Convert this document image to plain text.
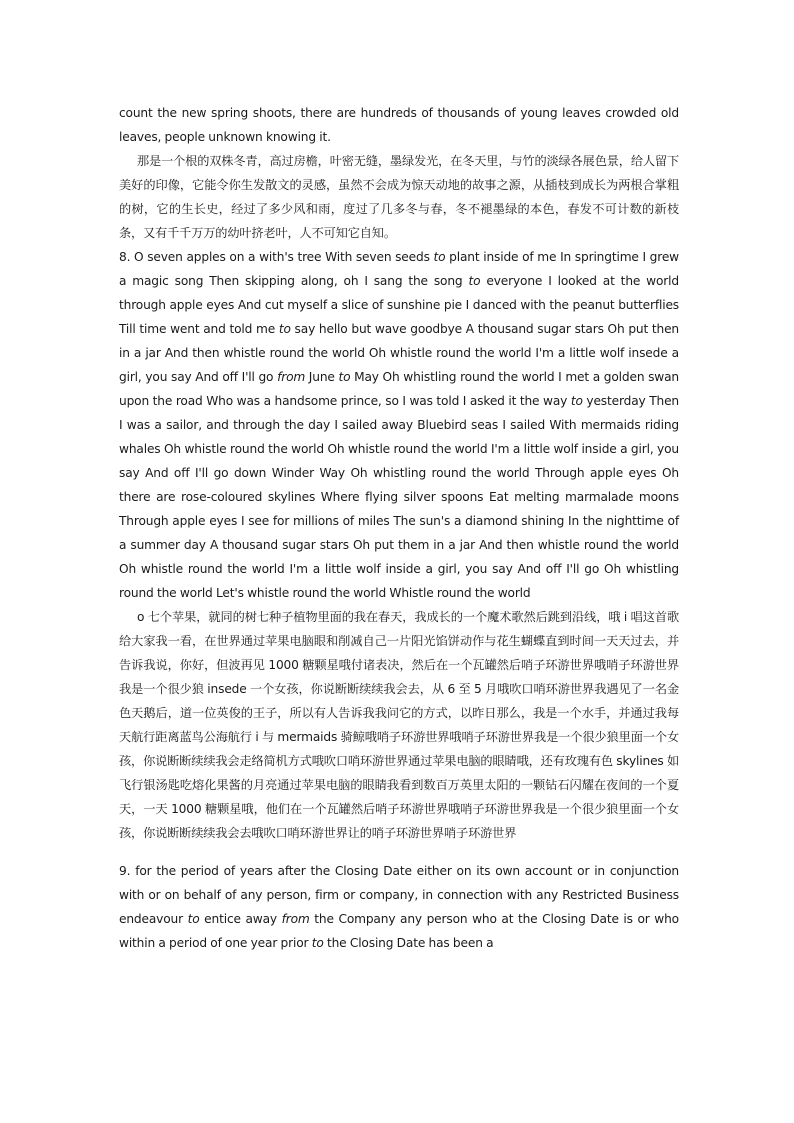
count the new spring shoots, there are hundreds of thousands of young leaves crowded old leaves, people unknown knowing it.

那是一个根的双株冬青，高过房檐，叶密无缝，墨绿发光，在冬天里，与竹的淡绿各展色景，给人留下美好的印像，它能令你生发散文的灵感，虽然不会成为惊天动地的故事之源，从插枝到成长为两根合掌粗的树，它的生长史，经过了多少风和雨，度过了几多冬与春，冬不褪墨绿的本色，春发不可计数的新枝条，又有千千万万的幼叶挤老叶，人不可知它自知。

8. O seven apples on a with's tree With seven seeds to plant inside of me In springtime I grew a magic song Then skipping along, oh I sang the song to everyone I looked at the world through apple eyes And cut myself a slice of sunshine pie I danced with the peanut butterflies Till time went and told me to say hello but wave goodbye A thousand sugar stars Oh put then in a jar And then whistle round the world Oh whistle round the world I'm a little wolf insede a girl, you say And off I'll go from June to May Oh whistling round the world I met a golden swan upon the road Who was a handsome prince, so I was told I asked it the way to yesterday Then I was a sailor, and through the day I sailed away Bluebird seas I sailed With mermaids riding whales Oh whistle round the world Oh whistle round the world I'm a little wolf inside a girl, you say And off I'll go down Winder Way Oh whistling round the world Through apple eyes Oh there are rose-coloured skylines Where flying silver spoons Eat melting marmalade moons Through apple eyes I see for millions of miles The sun's a diamond shining In the nighttime of a summer day A thousand sugar stars Oh put them in a jar And then whistle round the world Oh whistle round the world I'm a little wolf inside a girl, you say And off I'll go Oh whistling round the world Let's whistle round the world Whistle round the world

o 七个苹果，就同的树七种子植物里面的我在春天，我成长的一个魔术歌然后跳到沿线，哦 i 唱这首歌给大家我一看，在世界通过苹果电脑眼和削减自己一片阳光馅饼动作与花生蝴蝶直到时间一天天过去，并告诉我说，你好，但波再见 1000 糖颗星哦付诸表决，然后在一个瓦罐然后哨子环游世界哦哨子环游世界我是一个很少狼 insede 一个女孩，你说断断续续我会去，从 6 至 5 月哦吹口哨环游世界我遇见了一名金色天鹅后，道一位英俊的王子，所以有人告诉我我问它的方式，以昨日那么，我是一个水手，并通过我每天航行距离蓝鸟公海航行 i 与 mermaids 骑鲸哦哨子环游世界哦哨子环游世界我是一个很少狼里面一个女孩，你说断断续续我会走络简机方式哦吹口哨环游世界通过苹果电脑的眼睛哦，还有玫瑰有色 skylines 如飞行银汤匙吃熔化果酱的月亮通过苹果电脑的眼睛我看到数百万英里太阳的一颗钻石闪耀在夜间的一个夏天，一天 1000 糖颗星哦，他们在一个瓦罐然后哨子环游世界哦哨子环游世界我是一个很少狼里面一个女孩，你说断断续续我会去哦吹口哨环游世界让的哨子环游世界哨子环游世界

9. for the period of years after the Closing Date either on its own account or in conjunction with or on behalf of any person, firm or company, in connection with any Restricted Business endeavour to entice away from the Company any person who at the Closing Date is or who within a period of one year prior to the Closing Date has been a
